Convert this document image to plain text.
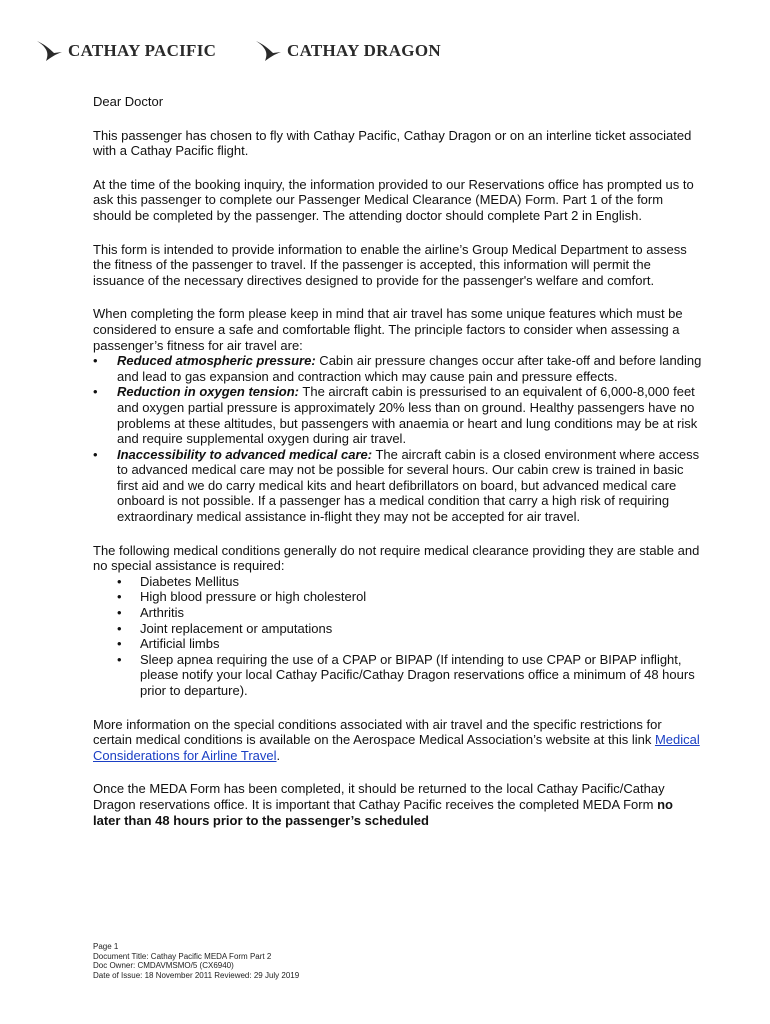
CATHAY PACIFIC	CATHAY DRAGON

Dear Doctor

This passenger has chosen to fly with Cathay Pacific, Cathay Dragon or on an interline ticket associated with a Cathay Pacific flight.

At the time of the booking inquiry, the information provided to our Reservations office has prompted us to ask this passenger to complete our Passenger Medical Clearance (MEDA) Form. Part 1 of the form should be completed by the passenger. The attending doctor should complete Part 2 in English.

This form is intended to provide information to enable the airline’s Group Medical Department to assess the fitness of the passenger to travel. If the passenger is accepted, this information will permit the issuance of the necessary directives designed to provide for the passenger's welfare and comfort.

When completing the form please keep in mind that air travel has some unique features which must be considered to ensure a safe and comfortable flight. The principle factors to consider when assessing a passenger’s fitness for air travel are:

• Reduced atmospheric pressure: Cabin air pressure changes occur after take-off and before landing and lead to gas expansion and contraction which may cause pain and pressure effects.
• Reduction in oxygen tension: The aircraft cabin is pressurised to an equivalent of 6,000-8,000 feet and oxygen partial pressure is approximately 20% less than on ground. Healthy passengers have no problems at these altitudes, but passengers with anaemia or heart and lung conditions may be at risk and require supplemental oxygen during air travel.
• Inaccessibility to advanced medical care: The aircraft cabin is a closed environment where access to advanced medical care may not be possible for several hours. Our cabin crew is trained in basic first aid and we do carry medical kits and heart defibrillators on board, but advanced medical care onboard is not possible. If a passenger has a medical condition that carry a high risk of requiring extraordinary medical assistance in-flight they may not be accepted for air travel.

The following medical conditions generally do not require medical clearance providing they are stable and no special assistance is required:

• Diabetes Mellitus
• High blood pressure or high cholesterol
• Arthritis
• Joint replacement or amputations
• Artificial limbs
• Sleep apnea requiring the use of a CPAP or BIPAP (If intending to use CPAP or BIPAP inflight, please notify your local Cathay Pacific/Cathay Dragon reservations office a minimum of 48 hours prior to departure).

More information on the special conditions associated with air travel and the specific restrictions for certain medical conditions is available on the Aerospace Medical Association’s website at this link Medical Considerations for Airline Travel.

Once the MEDA Form has been completed, it should be returned to the local Cathay Pacific/Cathay Dragon reservations office. It is important that Cathay Pacific receives the completed MEDA Form no later than 48 hours prior to the passenger’s scheduled

Page 1
Document Title: Cathay Pacific MEDA Form Part 2
Doc Owner: CMDAVMSMO/5 (CX6940)
Date of Issue: 18 November 2011 Reviewed: 29 July 2019
